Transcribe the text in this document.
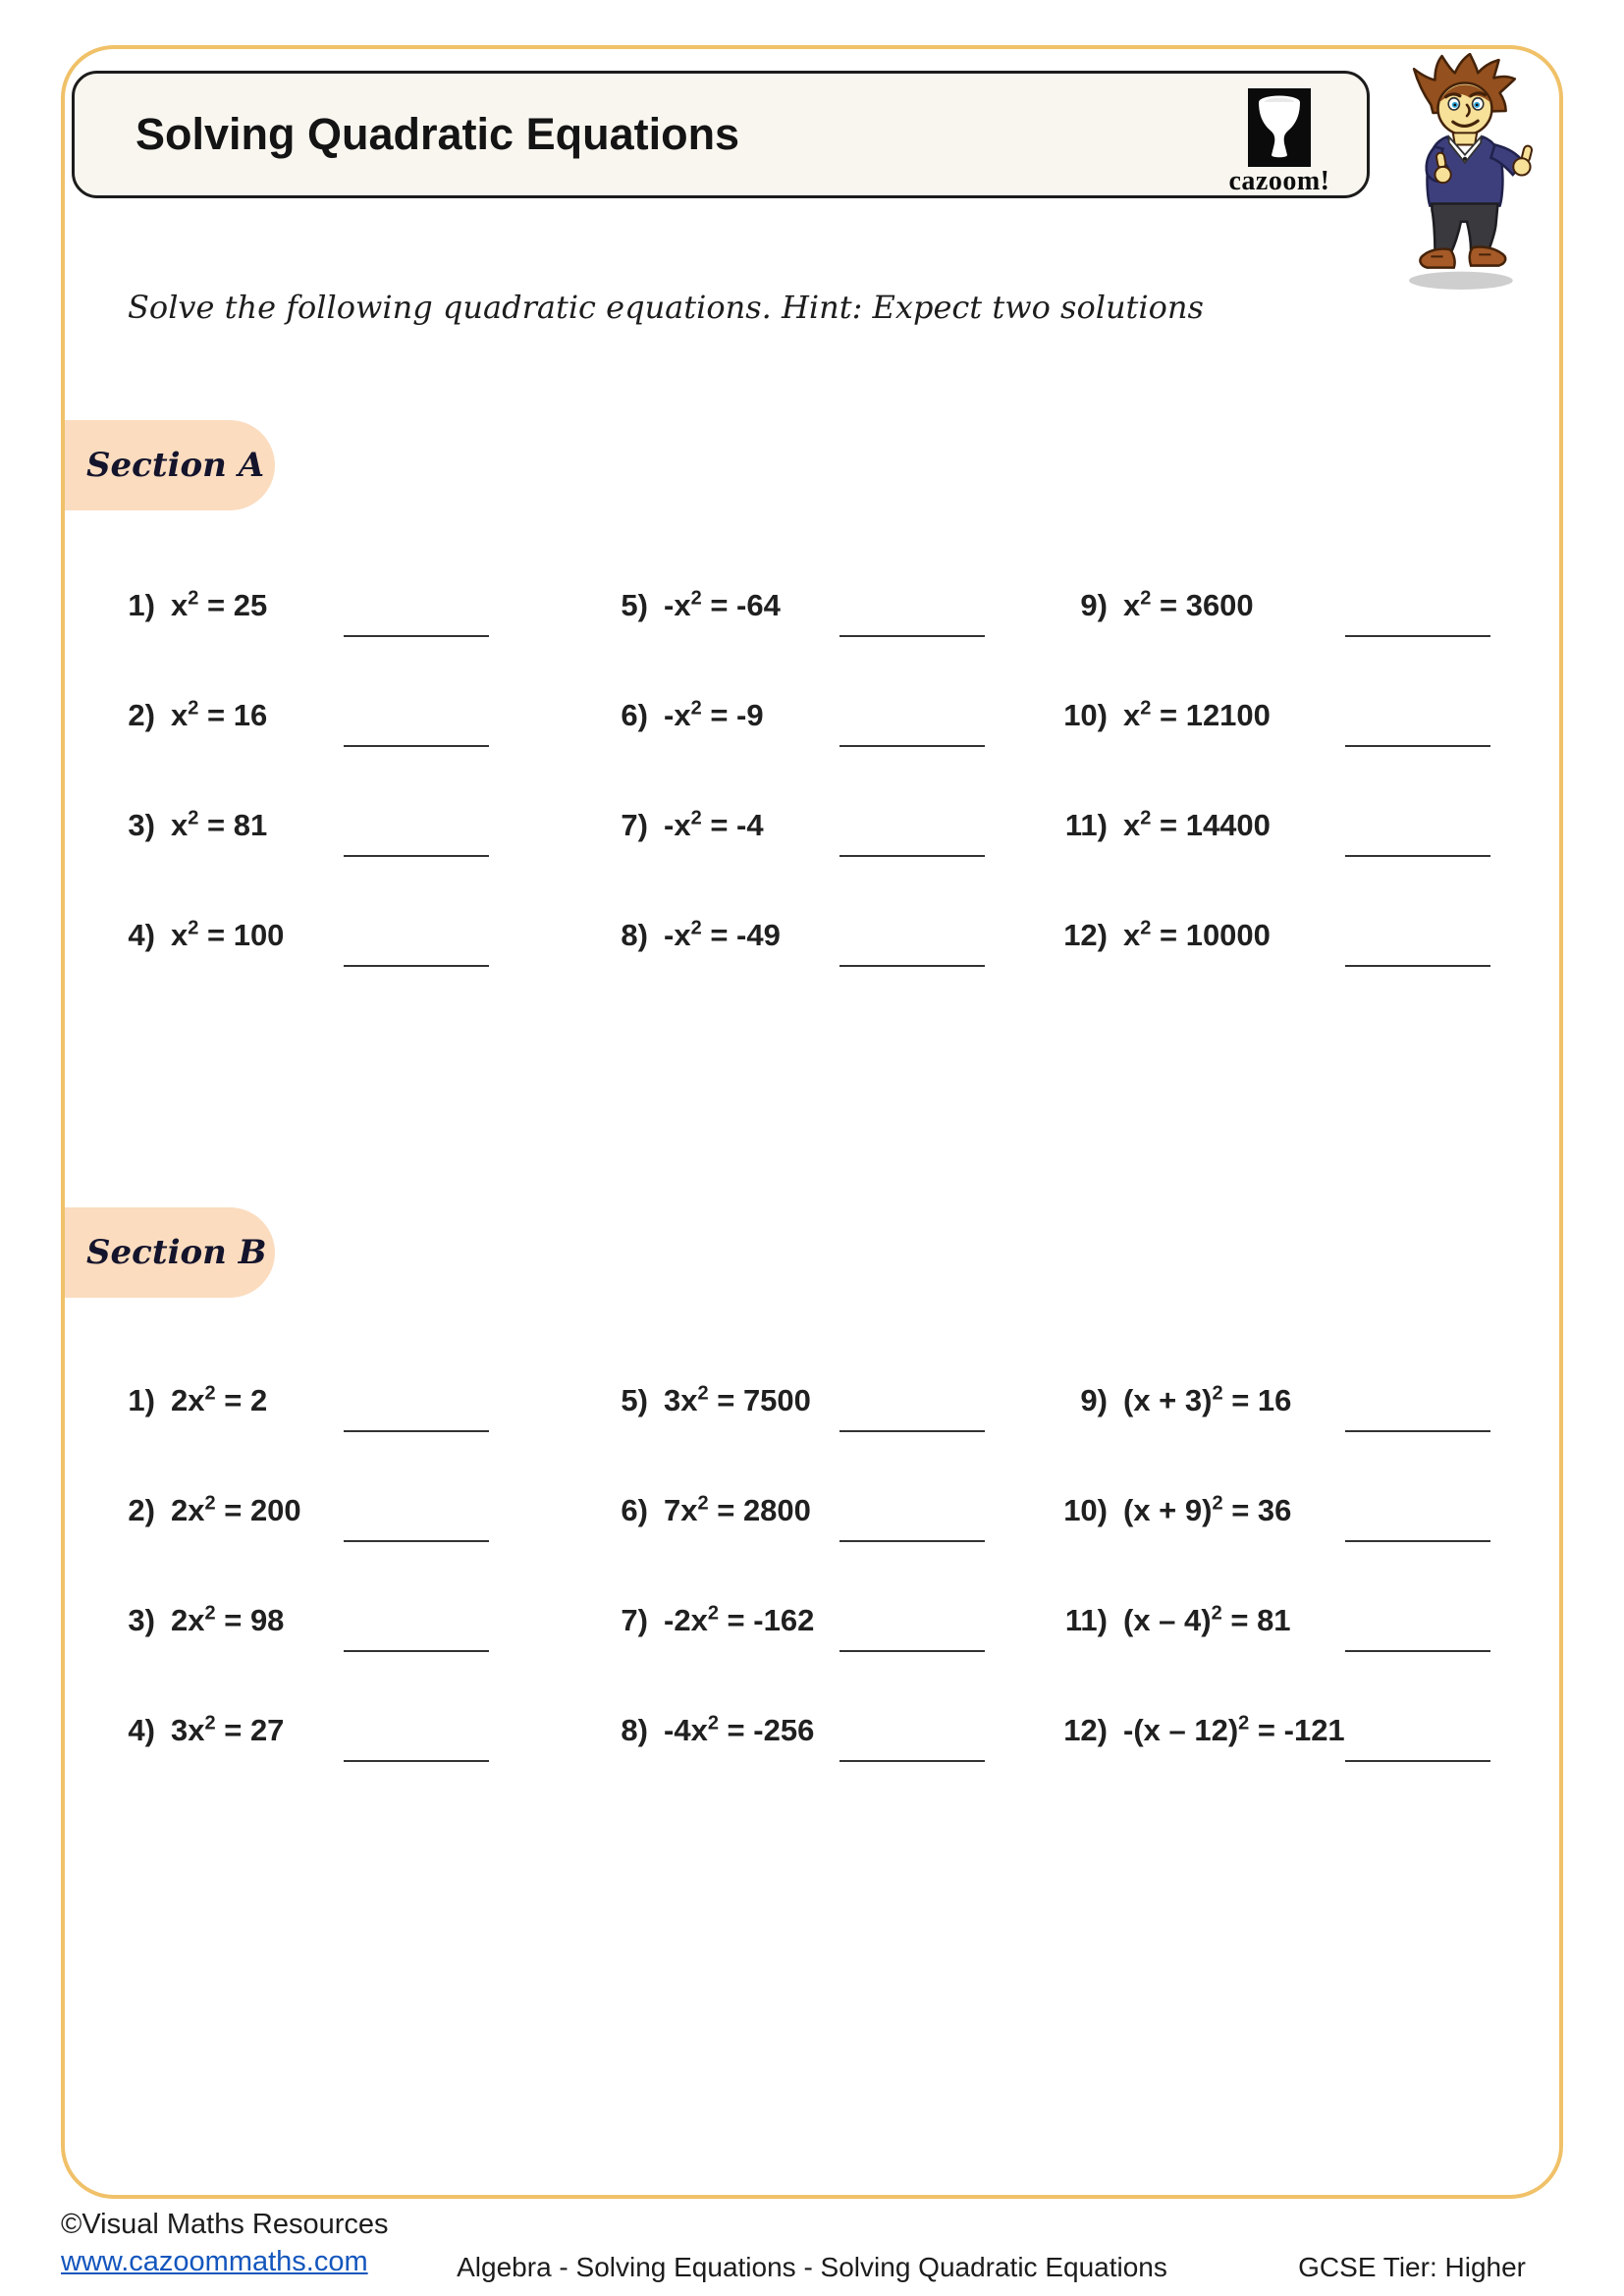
Solving Quadratic Equations
cazoom!

Solve the following quadratic equations. Hint: Expect two solutions

Section A
1) $x^2 = 25$
2) $x^2 = 16$
3) $x^2 = 81$
4) $x^2 = 100$
5) $-x^2 = -64$
6) $-x^2 = -9$
7) $-x^2 = -4$
8) $-x^2 = -49$
9) $x^2 = 3600$
10) $x^2 = 12100$
11) $x^2 = 14400$
12) $x^2 = 10000$
Section B
1) $2x^2 = 2$
2) $2x^2 = 200$
3) $2x^2 = 98$
4) $3x^2 = 27$
5) $3x^2 = 7500$
6) $7x^2 = 2800$
7) $-2x^2 = -162$
8) $-4x^2 = -256$
9) $(x + 3)^2 = 16$
10) $(x + 9)^2 = 36$
11) (x – 4)$^2$ = 81
12) -(x – 12)$^2$ = -121
©Visual Maths Resources
www.cazoommaths.com	Algebra - Solving Equations - Solving Quadratic Equations	GCSE Tier: Higher
